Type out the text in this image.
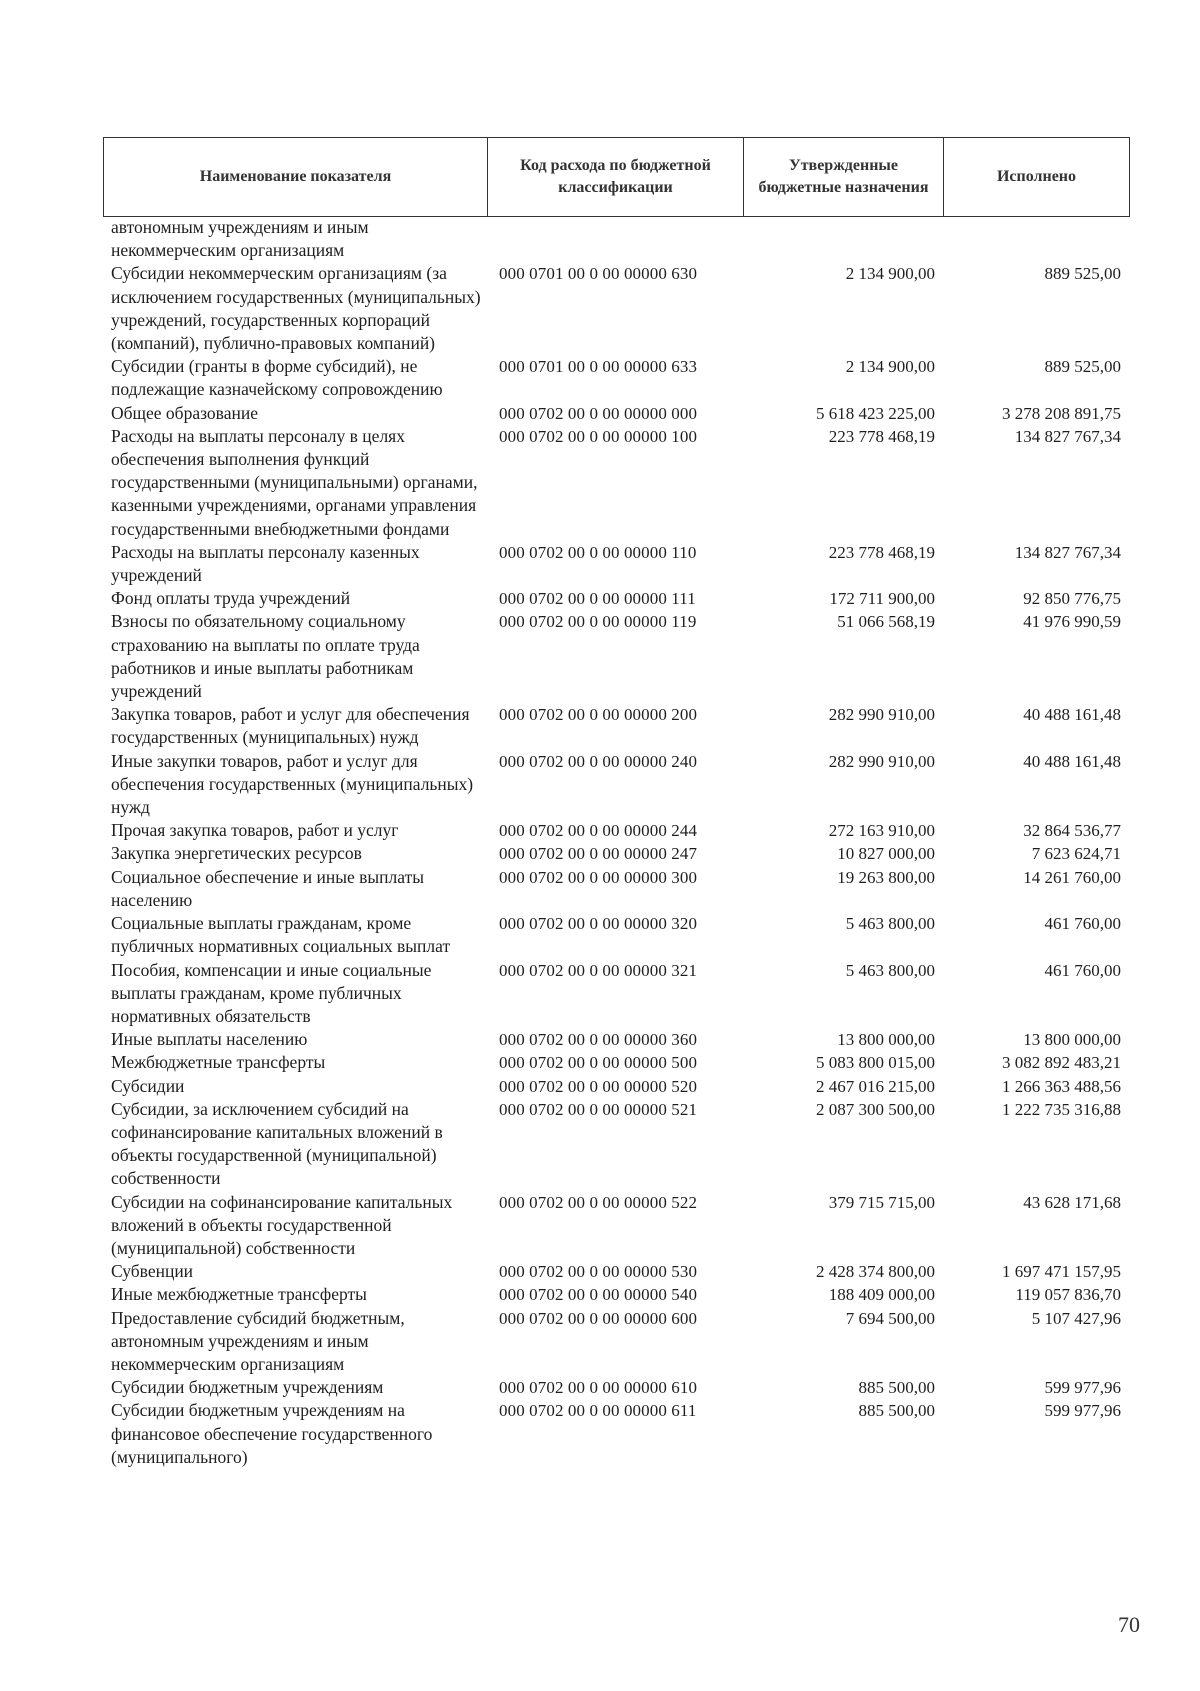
Наименование показателя	Код расхода по бюджетной классификации	Утвержденные бюджетные назначения	Исполнено
автономным учреждениям и иным некоммерческим организациям			
Субсидии некоммерческим организациям (за исключением государственных (муниципальных) учреждений, государственных корпораций (компаний), публично-правовых компаний)	000 0701 00 0 00 00000 630	2 134 900,00	889 525,00
Субсидии (гранты в форме субсидий), не подлежащие казначейскому сопровождению	000 0701 00 0 00 00000 633	2 134 900,00	889 525,00
Общее образование	000 0702 00 0 00 00000 000	5 618 423 225,00	3 278 208 891,75
Расходы на выплаты персоналу в целях обеспечения выполнения функций государственными (муниципальными) органами, казенными учреждениями, органами управления государственными внебюджетными фондами	000 0702 00 0 00 00000 100	223 778 468,19	134 827 767,34
Расходы на выплаты персоналу казенных учреждений	000 0702 00 0 00 00000 110	223 778 468,19	134 827 767,34
Фонд оплаты труда учреждений	000 0702 00 0 00 00000 111	172 711 900,00	92 850 776,75
Взносы по обязательному социальному страхованию на выплаты по оплате труда работников и иные выплаты работникам учреждений	000 0702 00 0 00 00000 119	51 066 568,19	41 976 990,59
Закупка товаров, работ и услуг для обеспечения государственных (муниципальных) нужд	000 0702 00 0 00 00000 200	282 990 910,00	40 488 161,48
Иные закупки товаров, работ и услуг для обеспечения государственных (муниципальных) нужд	000 0702 00 0 00 00000 240	282 990 910,00	40 488 161,48
Прочая закупка товаров, работ и услуг	000 0702 00 0 00 00000 244	272 163 910,00	32 864 536,77
Закупка энергетических ресурсов	000 0702 00 0 00 00000 247	10 827 000,00	7 623 624,71
Социальное обеспечение и иные выплаты населению	000 0702 00 0 00 00000 300	19 263 800,00	14 261 760,00
Социальные выплаты гражданам, кроме публичных нормативных социальных выплат	000 0702 00 0 00 00000 320	5 463 800,00	461 760,00
Пособия, компенсации и иные социальные выплаты гражданам, кроме публичных нормативных обязательств	000 0702 00 0 00 00000 321	5 463 800,00	461 760,00
Иные выплаты населению	000 0702 00 0 00 00000 360	13 800 000,00	13 800 000,00
Межбюджетные трансферты	000 0702 00 0 00 00000 500	5 083 800 015,00	3 082 892 483,21
Субсидии	000 0702 00 0 00 00000 520	2 467 016 215,00	1 266 363 488,56
Субсидии, за исключением субсидий на софинансирование капитальных вложений в объекты государственной (муниципальной) собственности	000 0702 00 0 00 00000 521	2 087 300 500,00	1 222 735 316,88
Субсидии на софинансирование капитальных вложений в объекты государственной (муниципальной) собственности	000 0702 00 0 00 00000 522	379 715 715,00	43 628 171,68
Субвенции	000 0702 00 0 00 00000 530	2 428 374 800,00	1 697 471 157,95
Иные межбюджетные трансферты	000 0702 00 0 00 00000 540	188 409 000,00	119 057 836,70
Предоставление субсидий бюджетным, автономным учреждениям и иным некоммерческим организациям	000 0702 00 0 00 00000 600	7 694 500,00	5 107 427,96
Субсидии бюджетным учреждениям	000 0702 00 0 00 00000 610	885 500,00	599 977,96
Субсидии бюджетным учреждениям на финансовое обеспечение государственного (муниципального)	000 0702 00 0 00 00000 611	885 500,00	599 977,96
70
